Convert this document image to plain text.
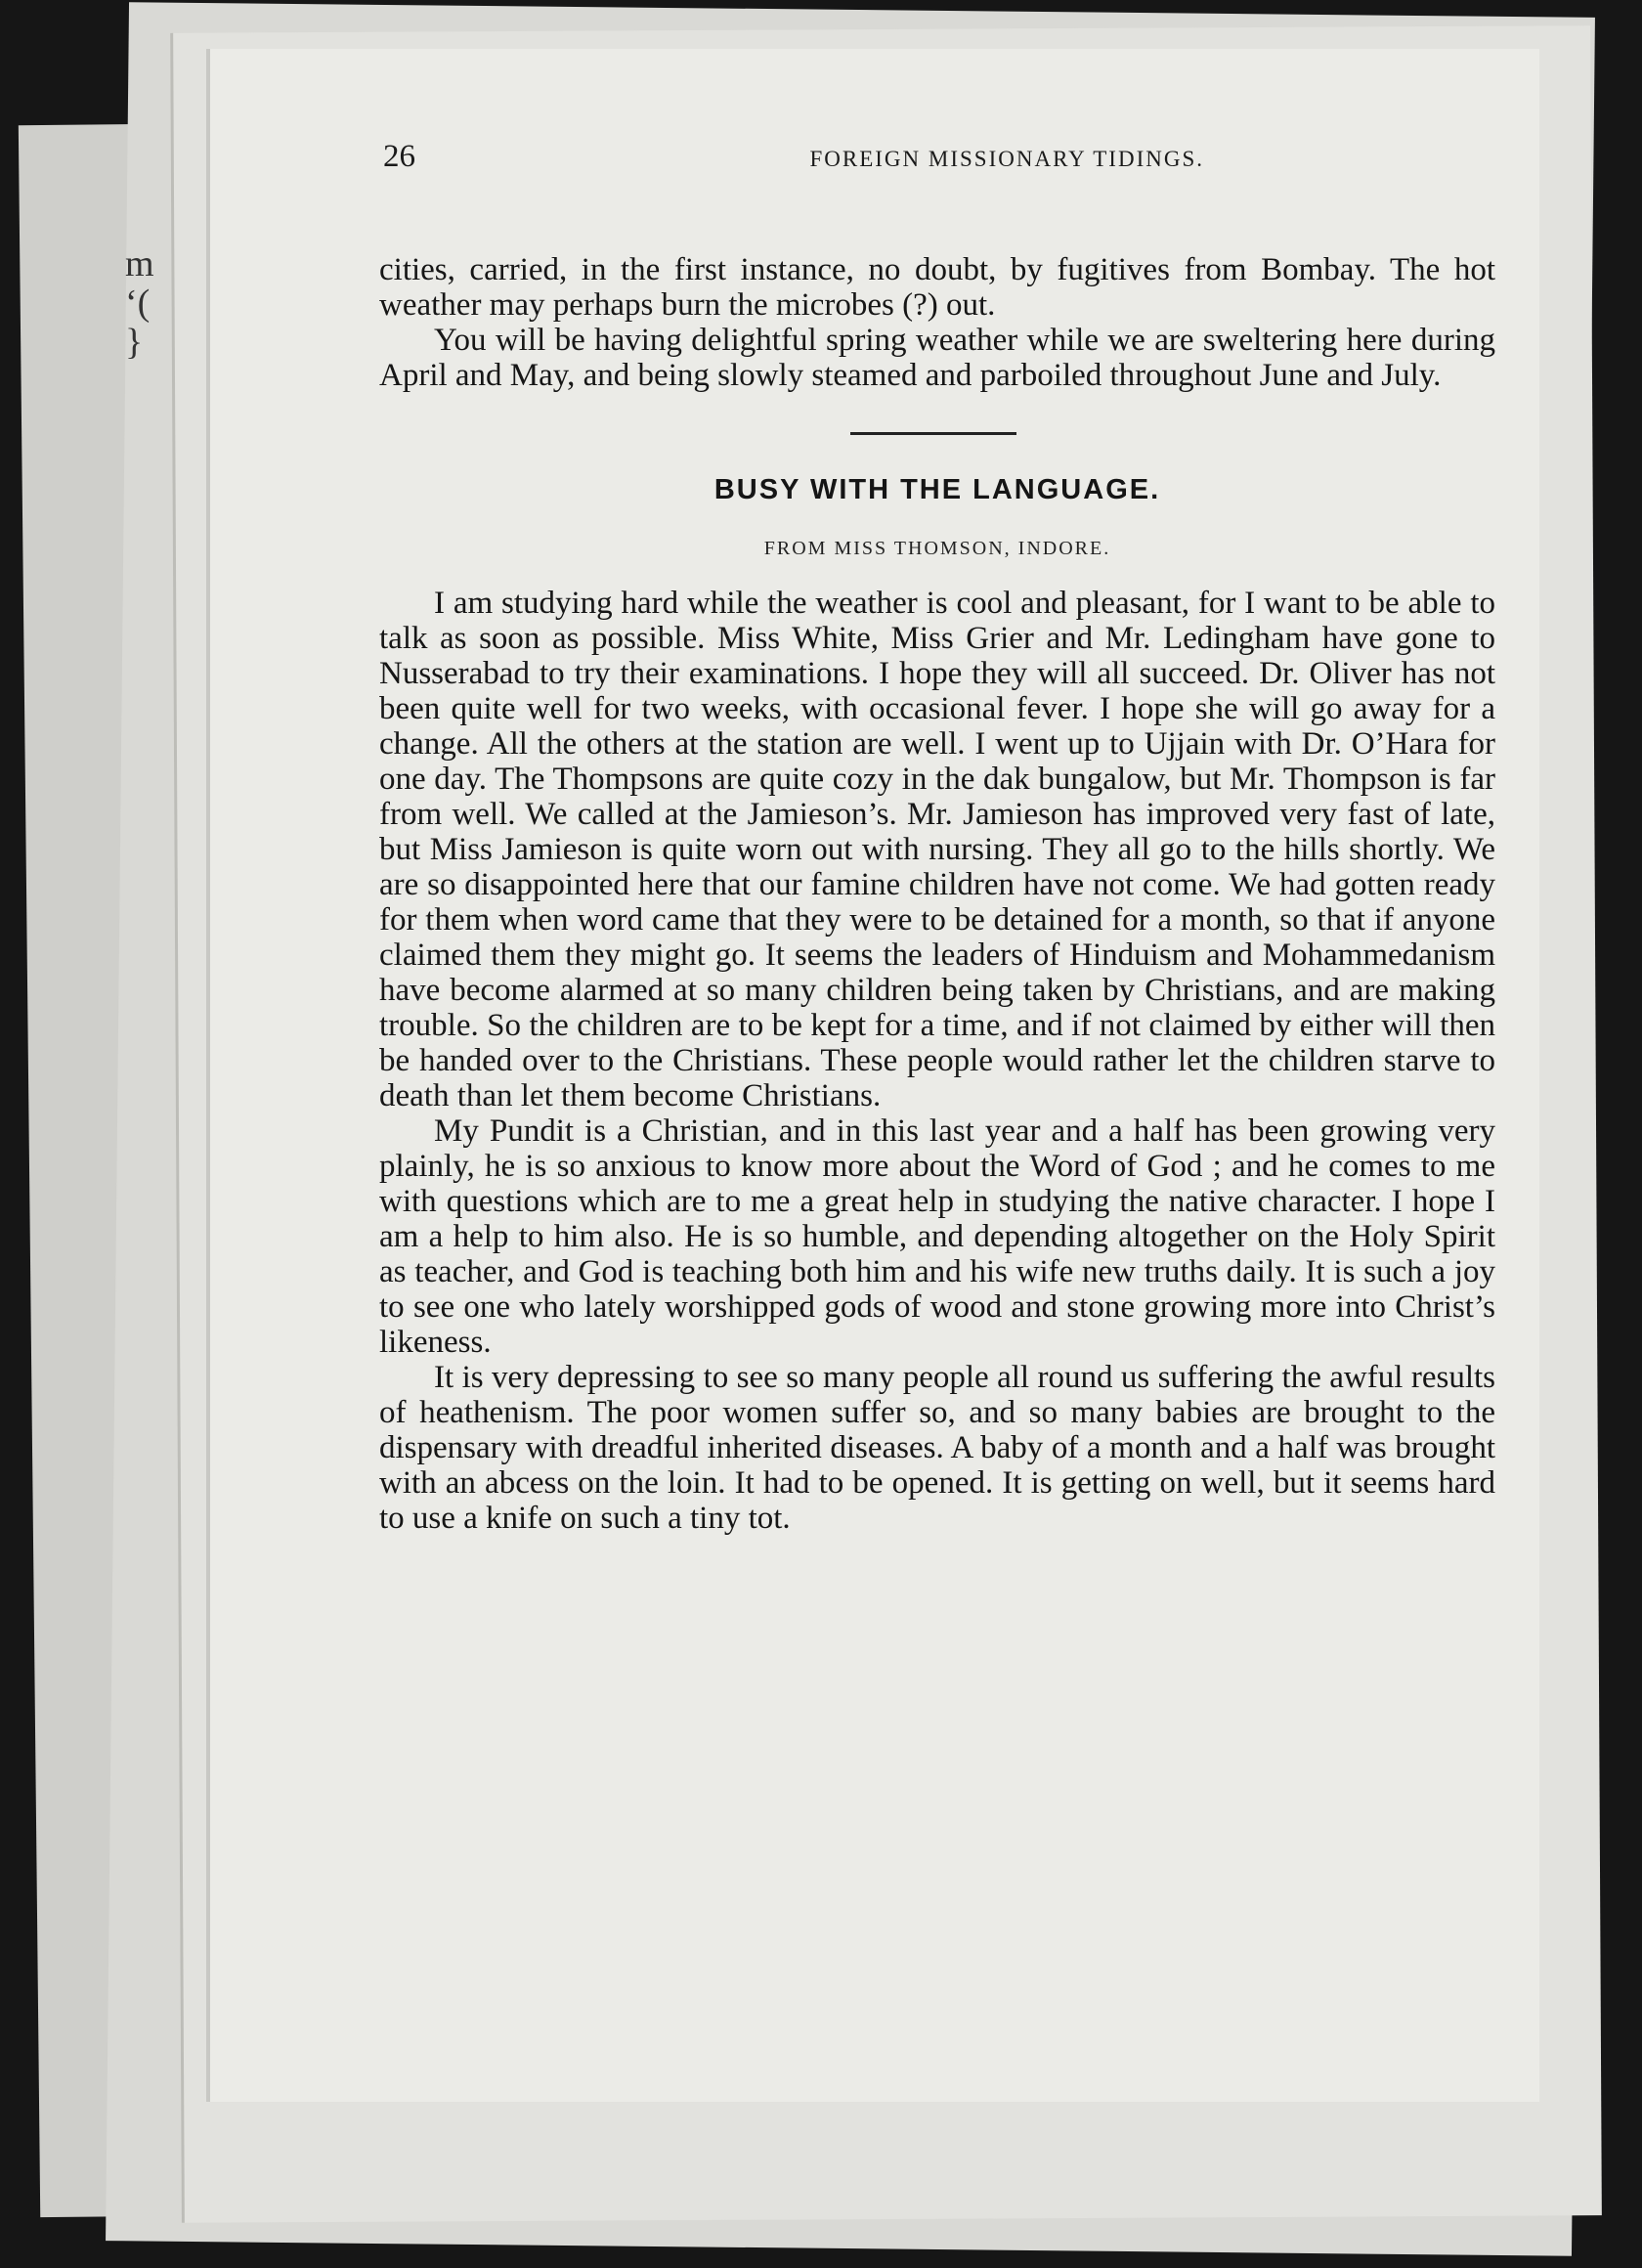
m
‘(
}
26	FOREIGN MISSIONARY TIDINGS.

cities, carried, in the first instance, no doubt, by fugitives from Bombay. The hot weather may perhaps burn the microbes (?) out.

You will be having delightful spring weather while we are sweltering here during April and May, and being slowly steamed and parboiled throughout June and July.

BUSY WITH THE LANGUAGE.
FROM MISS THOMSON, INDORE.

I am studying hard while the weather is cool and pleasant, for I want to be able to talk as soon as possible. Miss White, Miss Grier and Mr. Ledingham have gone to Nusserabad to try their examinations. I hope they will all succeed. Dr. Oliver has not been quite well for two weeks, with occasional fever. I hope she will go away for a change. All the others at the station are well. I went up to Ujjain with Dr. O’Hara for one day. The Thompsons are quite cozy in the dak bungalow, but Mr. Thompson is far from well. We called at the Jamieson’s. Mr. Jamieson has improved very fast of late, but Miss Jamieson is quite worn out with nursing. They all go to the hills shortly. We are so disappointed here that our famine children have not come. We had gotten ready for them when word came that they were to be detained for a month, so that if anyone claimed them they might go. It seems the leaders of Hinduism and Mohammedanism have become alarmed at so many children being taken by Christians, and are making trouble. So the children are to be kept for a time, and if not claimed by either will then be handed over to the Christians. These people would rather let the children starve to death than let them become Christians.

My Pundit is a Christian, and in this last year and a half has been growing very plainly, he is so anxious to know more about the Word of God ; and he comes to me with questions which are to me a great help in studying the native character. I hope I am a help to him also. He is so humble, and depending altogether on the Holy Spirit as teacher, and God is teaching both him and his wife new truths daily. It is such a joy to see one who lately worshipped gods of wood and stone growing more into Christ’s likeness.

It is very depressing to see so many people all round us suffering the awful results of heathenism. The poor women suffer so, and so many babies are brought to the dispensary with dreadful inherited diseases. A baby of a month and a half was brought with an abcess on the loin. It had to be opened. It is getting on well, but it seems hard to use a knife on such a tiny tot.
